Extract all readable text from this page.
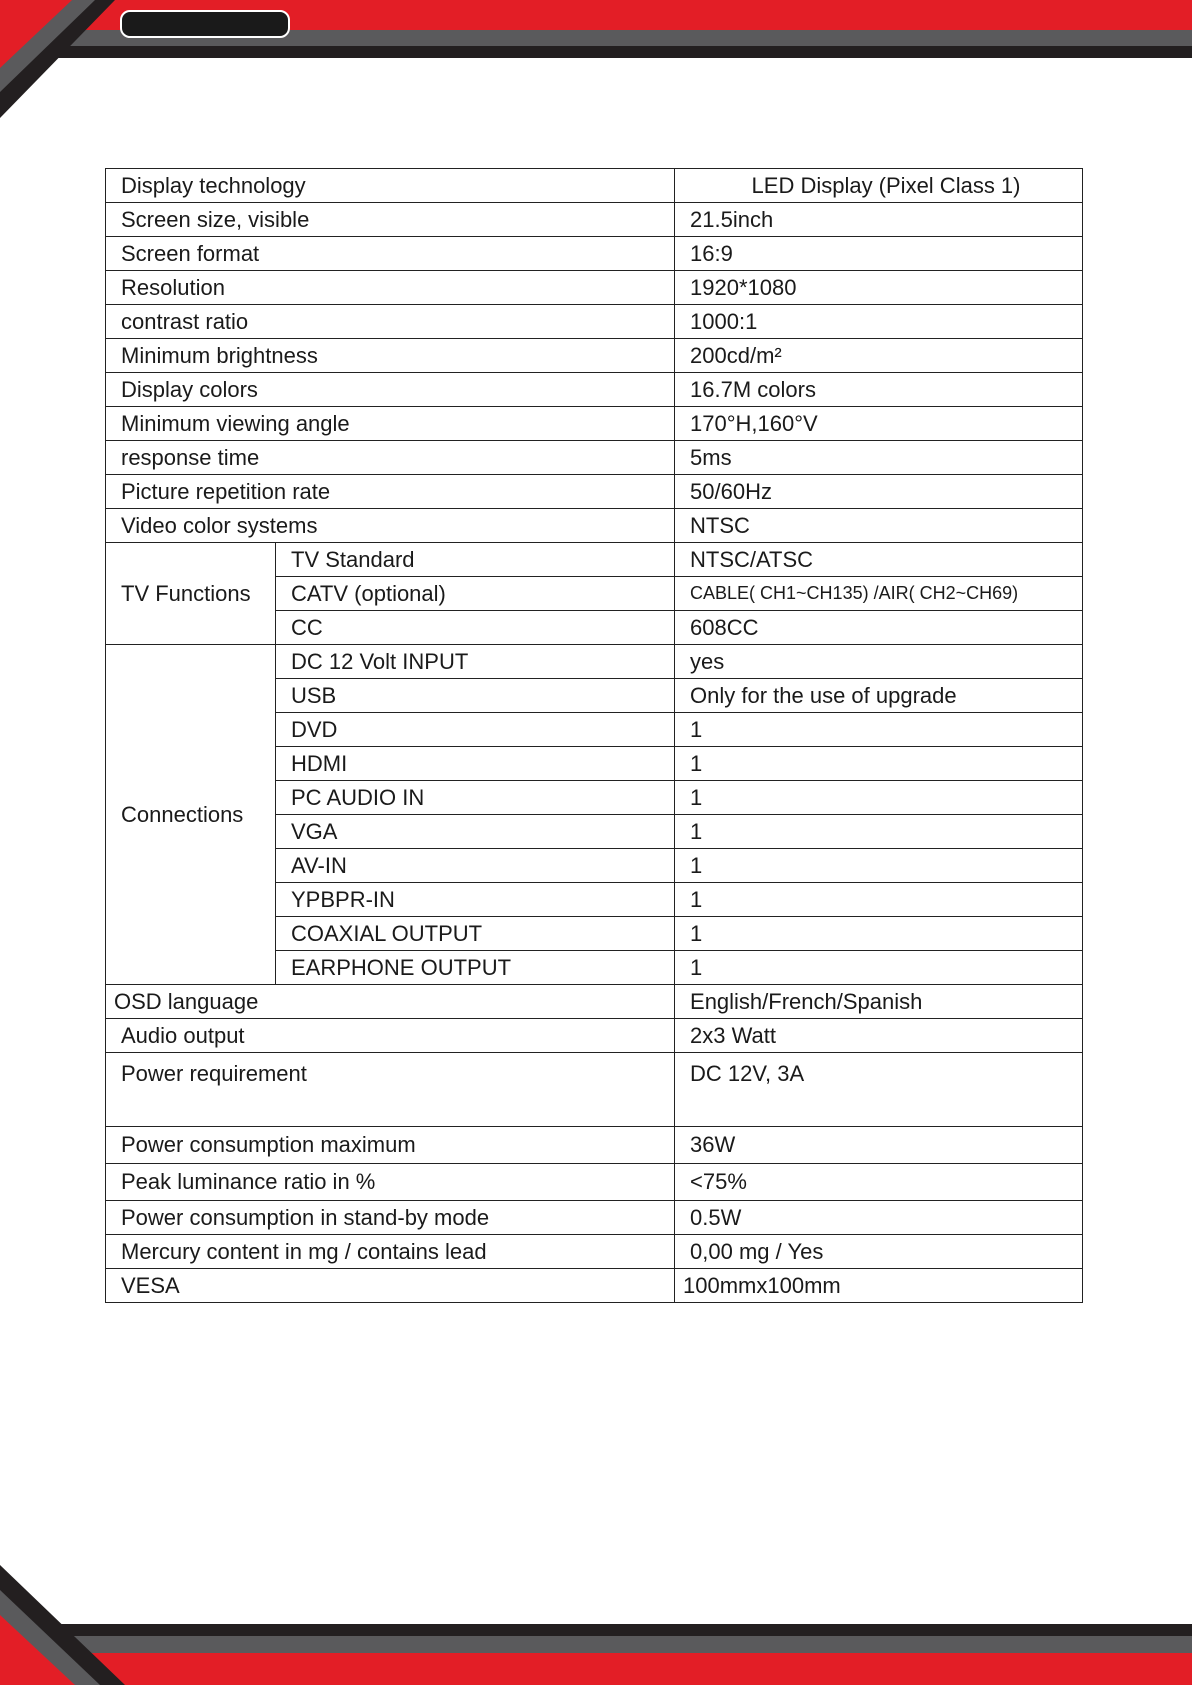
Display technology		LED Display (Pixel Class 1)
Screen size, visible		21.5inch
Screen format		16:9
Resolution		1920*1080
contrast ratio		1000:1
Minimum brightness		200cd/m²
Display colors		16.7M colors
Minimum viewing angle		170°H,160°V
response time		5ms
Picture repetition rate		50/60Hz
Video color systems		NTSC
TV Functions	TV Standard	NTSC/ATSC
	CATV (optional)	CABLE( CH1~CH135) /AIR( CH2~CH69)
	CC	608CC
Connections	DC 12 Volt INPUT	yes
	USB	Only for the use of upgrade
	DVD	1
	HDMI	1
	PC AUDIO IN	1
	VGA	1
	AV-IN	1
	YPBPR-IN	1
	COAXIAL OUTPUT	1
	EARPHONE OUTPUT	1
OSD language		English/French/Spanish
Audio output		2x3 Watt
Power requirement		DC 12V, 3A
Power consumption maximum		36W
Peak luminance ratio in %		<75%
Power consumption in stand-by mode		0.5W
Mercury content in mg / contains lead		0,00 mg / Yes
VESA		100mmx100mm
